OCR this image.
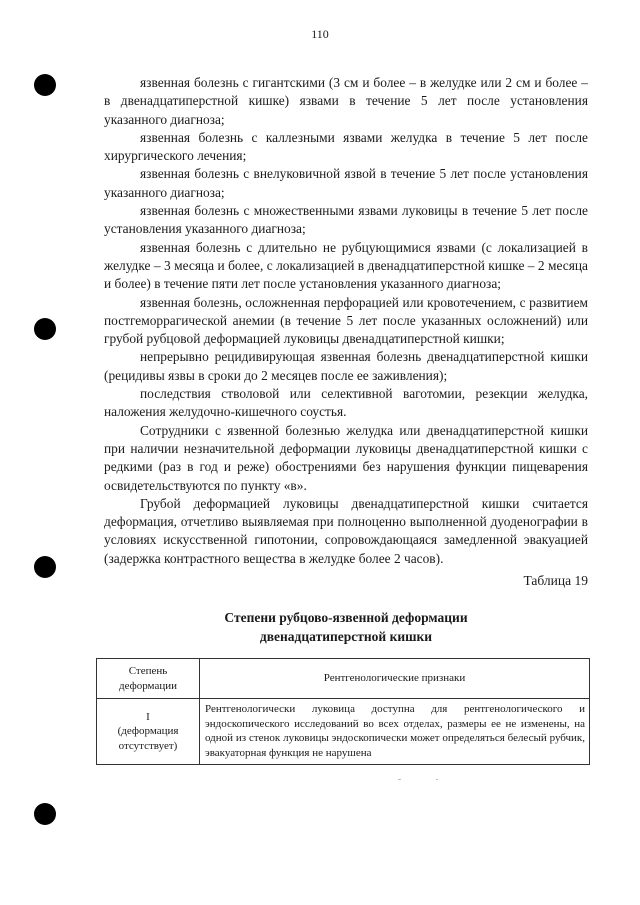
110

язвенная болезнь с гигантскими (3 см и более – в желудке или 2 см и более – в двенадцатиперстной кишке) язвами в течение 5 лет после установления указанного диагноза;

язвенная болезнь с каллезными язвами желудка в течение 5 лет после хирургического лечения;

язвенная болезнь с внелуковичной язвой в течение 5 лет после установления указанного диагноза;

язвенная болезнь с множественными язвами луковицы в течение 5 лет после установления указанного диагноза;

язвенная болезнь с длительно не рубцующимися язвами (с локализацией в желудке – 3 месяца и более, с локализацией в двенадцатиперстной кишке – 2 месяца и более) в течение пяти лет после установления указанного диагноза;

язвенная болезнь, осложненная перфорацией или кровотечением, с развитием постгеморрагической анемии (в течение 5 лет после указанных осложнений) или грубой рубцовой деформацией луковицы двенадцатиперстной кишки;

непрерывно рецидивирующая язвенная болезнь двенадцатиперстной кишки (рецидивы язвы в сроки до 2 месяцев после ее заживления);

последствия стволовой или селективной ваготомии, резекции желудка, наложения желудочно-кишечного соустья.

Сотрудники с язвенной болезнью желудка или двенадцатиперстной кишки при наличии незначительной деформации луковицы двенадцатиперстной кишки с редкими (раз в год и реже) обострениями без нарушения функции пищеварения освидетельствуются по пункту «в».

Грубой деформацией луковицы двенадцатиперстной кишки считается деформация, отчетливо выявляемая при полноценно выполненной дуоденографии в условиях искусственной гипотонии, сопровождающаяся замедленной эвакуацией (задержка контрастного вещества в желудке более 2 часов).

Таблица 19
Степени рубцово-язвенной деформации
двенадцатиперстной кишки
Степень деформации	Рентгенологические признаки

I
(деформация отсутствует)	Рентгенологически луковица доступна для рентгенологического и эндоскопического исследований во всех отделах, размеры ее не изменены, на одной из стенок луковицы эндоскопически может определяться белесый рубчик, эвакуаторная функция не нарушена
